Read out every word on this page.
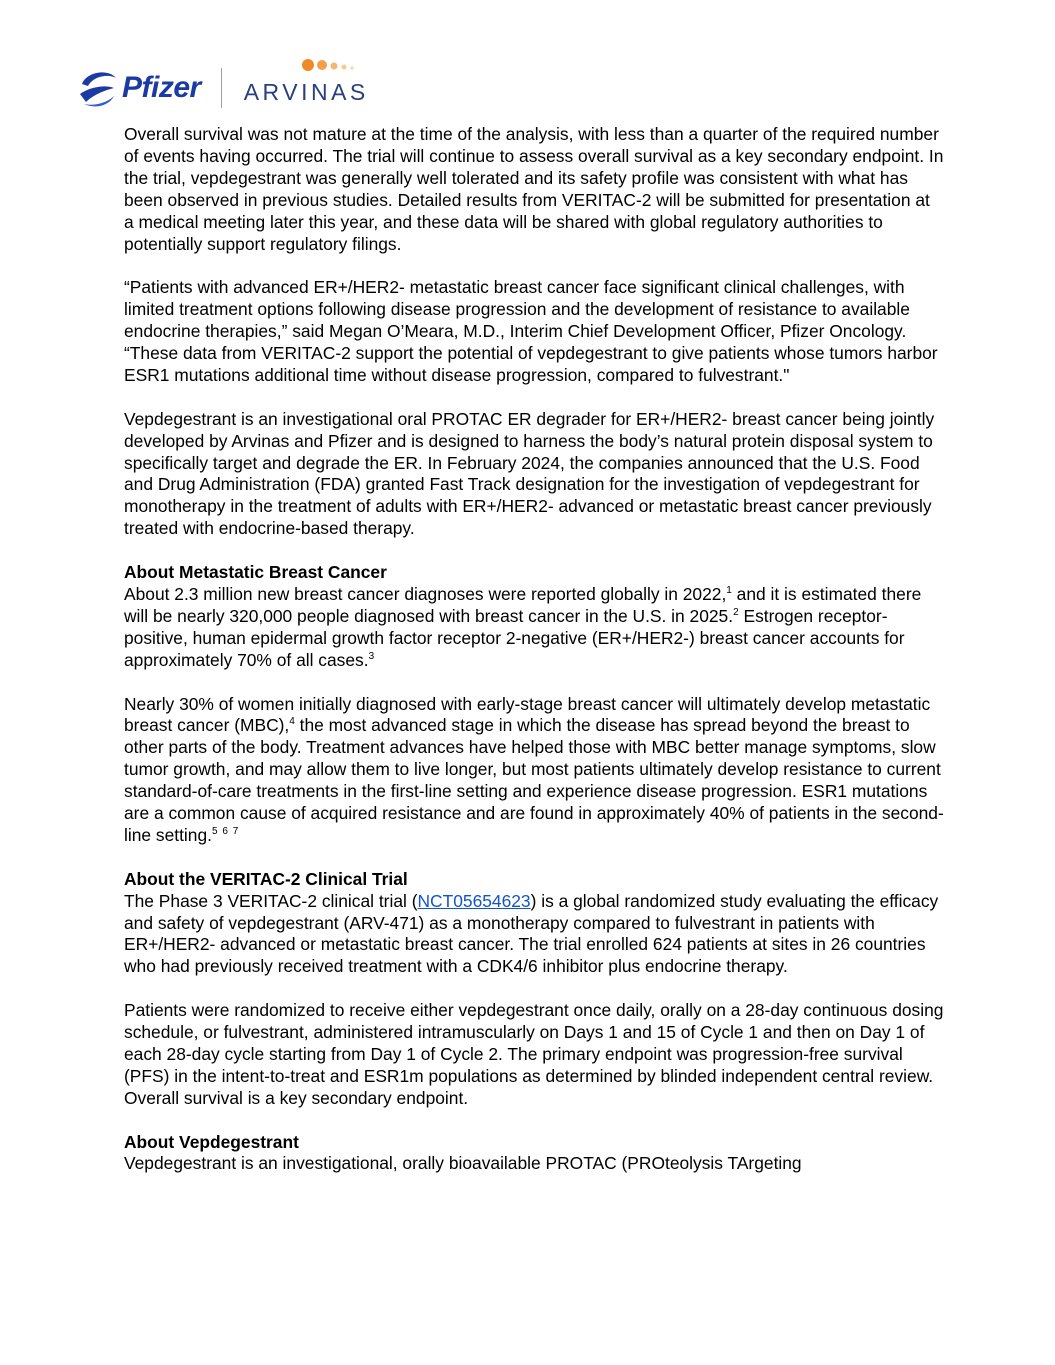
Pfizer ARVINAS

Overall survival was not mature at the time of the analysis, with less than a quarter of the required number of events having occurred. The trial will continue to assess overall survival as a key secondary endpoint. In the trial, vepdegestrant was generally well tolerated and its safety profile was consistent with what has been observed in previous studies. Detailed results from VERITAC-2 will be submitted for presentation at a medical meeting later this year, and these data will be shared with global regulatory authorities to potentially support regulatory filings.

“Patients with advanced ER+/HER2- metastatic breast cancer face significant clinical challenges, with limited treatment options following disease progression and the development of resistance to available endocrine therapies,” said Megan O’Meara, M.D., Interim Chief Development Officer, Pfizer Oncology. “These data from VERITAC-2 support the potential of vepdegestrant to give patients whose tumors harbor ESR1 mutations additional time without disease progression, compared to fulvestrant."

Vepdegestrant is an investigational oral PROTAC ER degrader for ER+/HER2- breast cancer being jointly developed by Arvinas and Pfizer and is designed to harness the body’s natural protein disposal system to specifically target and degrade the ER. In February 2024, the companies announced that the U.S. Food and Drug Administration (FDA) granted Fast Track designation for the investigation of vepdegestrant for monotherapy in the treatment of adults with ER+/HER2- advanced or metastatic breast cancer previously treated with endocrine-based therapy.

About Metastatic Breast Cancer

About 2.3 million new breast cancer diagnoses were reported globally in 2022,$^1$ and it is estimated there will be nearly 320,000 people diagnosed with breast cancer in the U.S. in 2025.$^2$ Estrogen receptor-positive, human epidermal growth factor receptor 2-negative (ER+/HER2-) breast cancer accounts for approximately 70% of all cases.$^3$

Nearly 30% of women initially diagnosed with early-stage breast cancer will ultimately develop metastatic breast cancer (MBC),$^4$ the most advanced stage in which the disease has spread beyond the breast to other parts of the body. Treatment advances have helped those with MBC better manage symptoms, slow tumor growth, and may allow them to live longer, but most patients ultimately develop resistance to current standard-of-care treatments in the first-line setting and experience disease progression. ESR1 mutations are a common cause of acquired resistance and are found in approximately 40% of patients in the second-line setting.$^5$ $^6$ $^7$

About the VERITAC-2 Clinical Trial

The Phase 3 VERITAC-2 clinical trial (NCT05654623) is a global randomized study evaluating the efficacy and safety of vepdegestrant (ARV-471) as a monotherapy compared to fulvestrant in patients with ER+/HER2- advanced or metastatic breast cancer. The trial enrolled 624 patients at sites in 26 countries who had previously received treatment with a CDK4/6 inhibitor plus endocrine therapy.

Patients were randomized to receive either vepdegestrant once daily, orally on a 28-day continuous dosing schedule, or fulvestrant, administered intramuscularly on Days 1 and 15 of Cycle 1 and then on Day 1 of each 28-day cycle starting from Day 1 of Cycle 2. The primary endpoint was progression-free survival (PFS) in the intent-to-treat and ESR1m populations as determined by blinded independent central review. Overall survival is a key secondary endpoint.

About Vepdegestrant

Vepdegestrant is an investigational, orally bioavailable PROTAC (PROteolysis TArgeting
